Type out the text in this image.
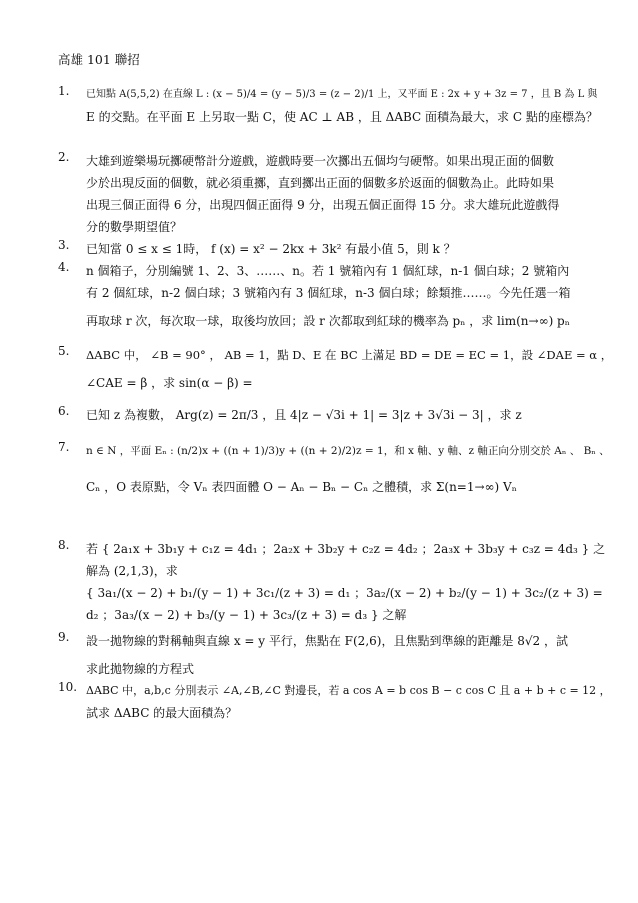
高雄 101 聯招
1. 已知點 A(5,5,2) 在直線 L : (x − 5)/4 = (y − 5)/3 = (z − 2)/1 上，又平面 E : 2x + y + 3z = 7 ，且 B 為 L 與
E 的交點。在平面 E 上另取一點 C，使 AC ⊥ AB ，且 ΔABC 面積為最大，求 C 點的座標為？
2. 大雄到遊樂場玩擲硬幣計分遊戲，遊戲時要一次擲出五個均勻硬幣。如果出現正面的個數
少於出現反面的個數，就必須重擲，直到擲出正面的個數多於返面的個數為止。此時如果
出現三個正面得 6 分，出現四個正面得 9 分，出現五個正面得 15 分。求大雄玩此遊戲得
分的數學期望值？
3. 已知當 0 ≤ x ≤ 1時， f (x) = x² − 2kx + 3k² 有最小值 5，則 k ？
4. n 個箱子，分別編號 1、2、3、……、n。若 1 號箱內有 1 個紅球，n-1 個白球；2 號箱內
有 2 個紅球，n-2 個白球；3 號箱內有 3 個紅球，n-3 個白球；餘類推……。今先任選一箱
再取球 r 次，每次取一球，取後均放回；設 r 次都取到紅球的機率為 pₙ ，求 lim(n→∞) pₙ
5. ΔABC 中， ∠B = 90° ， AB = 1，點 D、E 在 BC 上滿足 BD = DE = EC = 1，設 ∠DAE = α ，
∠CAE = β ，求 sin(α − β) =
6. 已知 z 為複數， Arg(z) = 2π/3 ，且 4|z − √3i + 1| = 3|z + 3√3i − 3| ，求 z
7. n ∈ N ，平面 Eₙ : (n/2)x + ((n + 1)/3)y + ((n + 2)/2)z = 1，和 x 軸、y 軸、z 軸正向分別交於 Aₙ 、 Bₙ 、
Cₙ ，O 表原點，令 Vₙ 表四面體 O − Aₙ − Bₙ − Cₙ 之體積，求 Σ(n=1→∞) Vₙ
8. 若 { 2a₁x + 3b₁y + c₁z = 4d₁ ；2a₂x + 3b₂y + c₂z = 4d₂ ；2a₃x + 3b₃y + c₃z = 4d₃ } 之解為 (2,1,3)，求
{ 3a₁/(x − 2) + b₁/(y − 1) + 3c₁/(z + 3) = d₁ ；3a₂/(x − 2) + b₂/(y − 1) + 3c₂/(z + 3) = d₂ ；3a₃/(x − 2) + b₃/(y − 1) + 3c₃/(z + 3) = d₃ } 之解
9. 設一拋物線的對稱軸與直線 x = y 平行，焦點在 F(2,6)，且焦點到準線的距離是 8√2 ，試
求此拋物線的方程式
10. ΔABC 中，a,b,c 分別表示 ∠A,∠B,∠C 對邊長，若 a cos A = b cos B − c cos C 且 a + b + c = 12 ，
試求 ΔABC 的最大面積為？
